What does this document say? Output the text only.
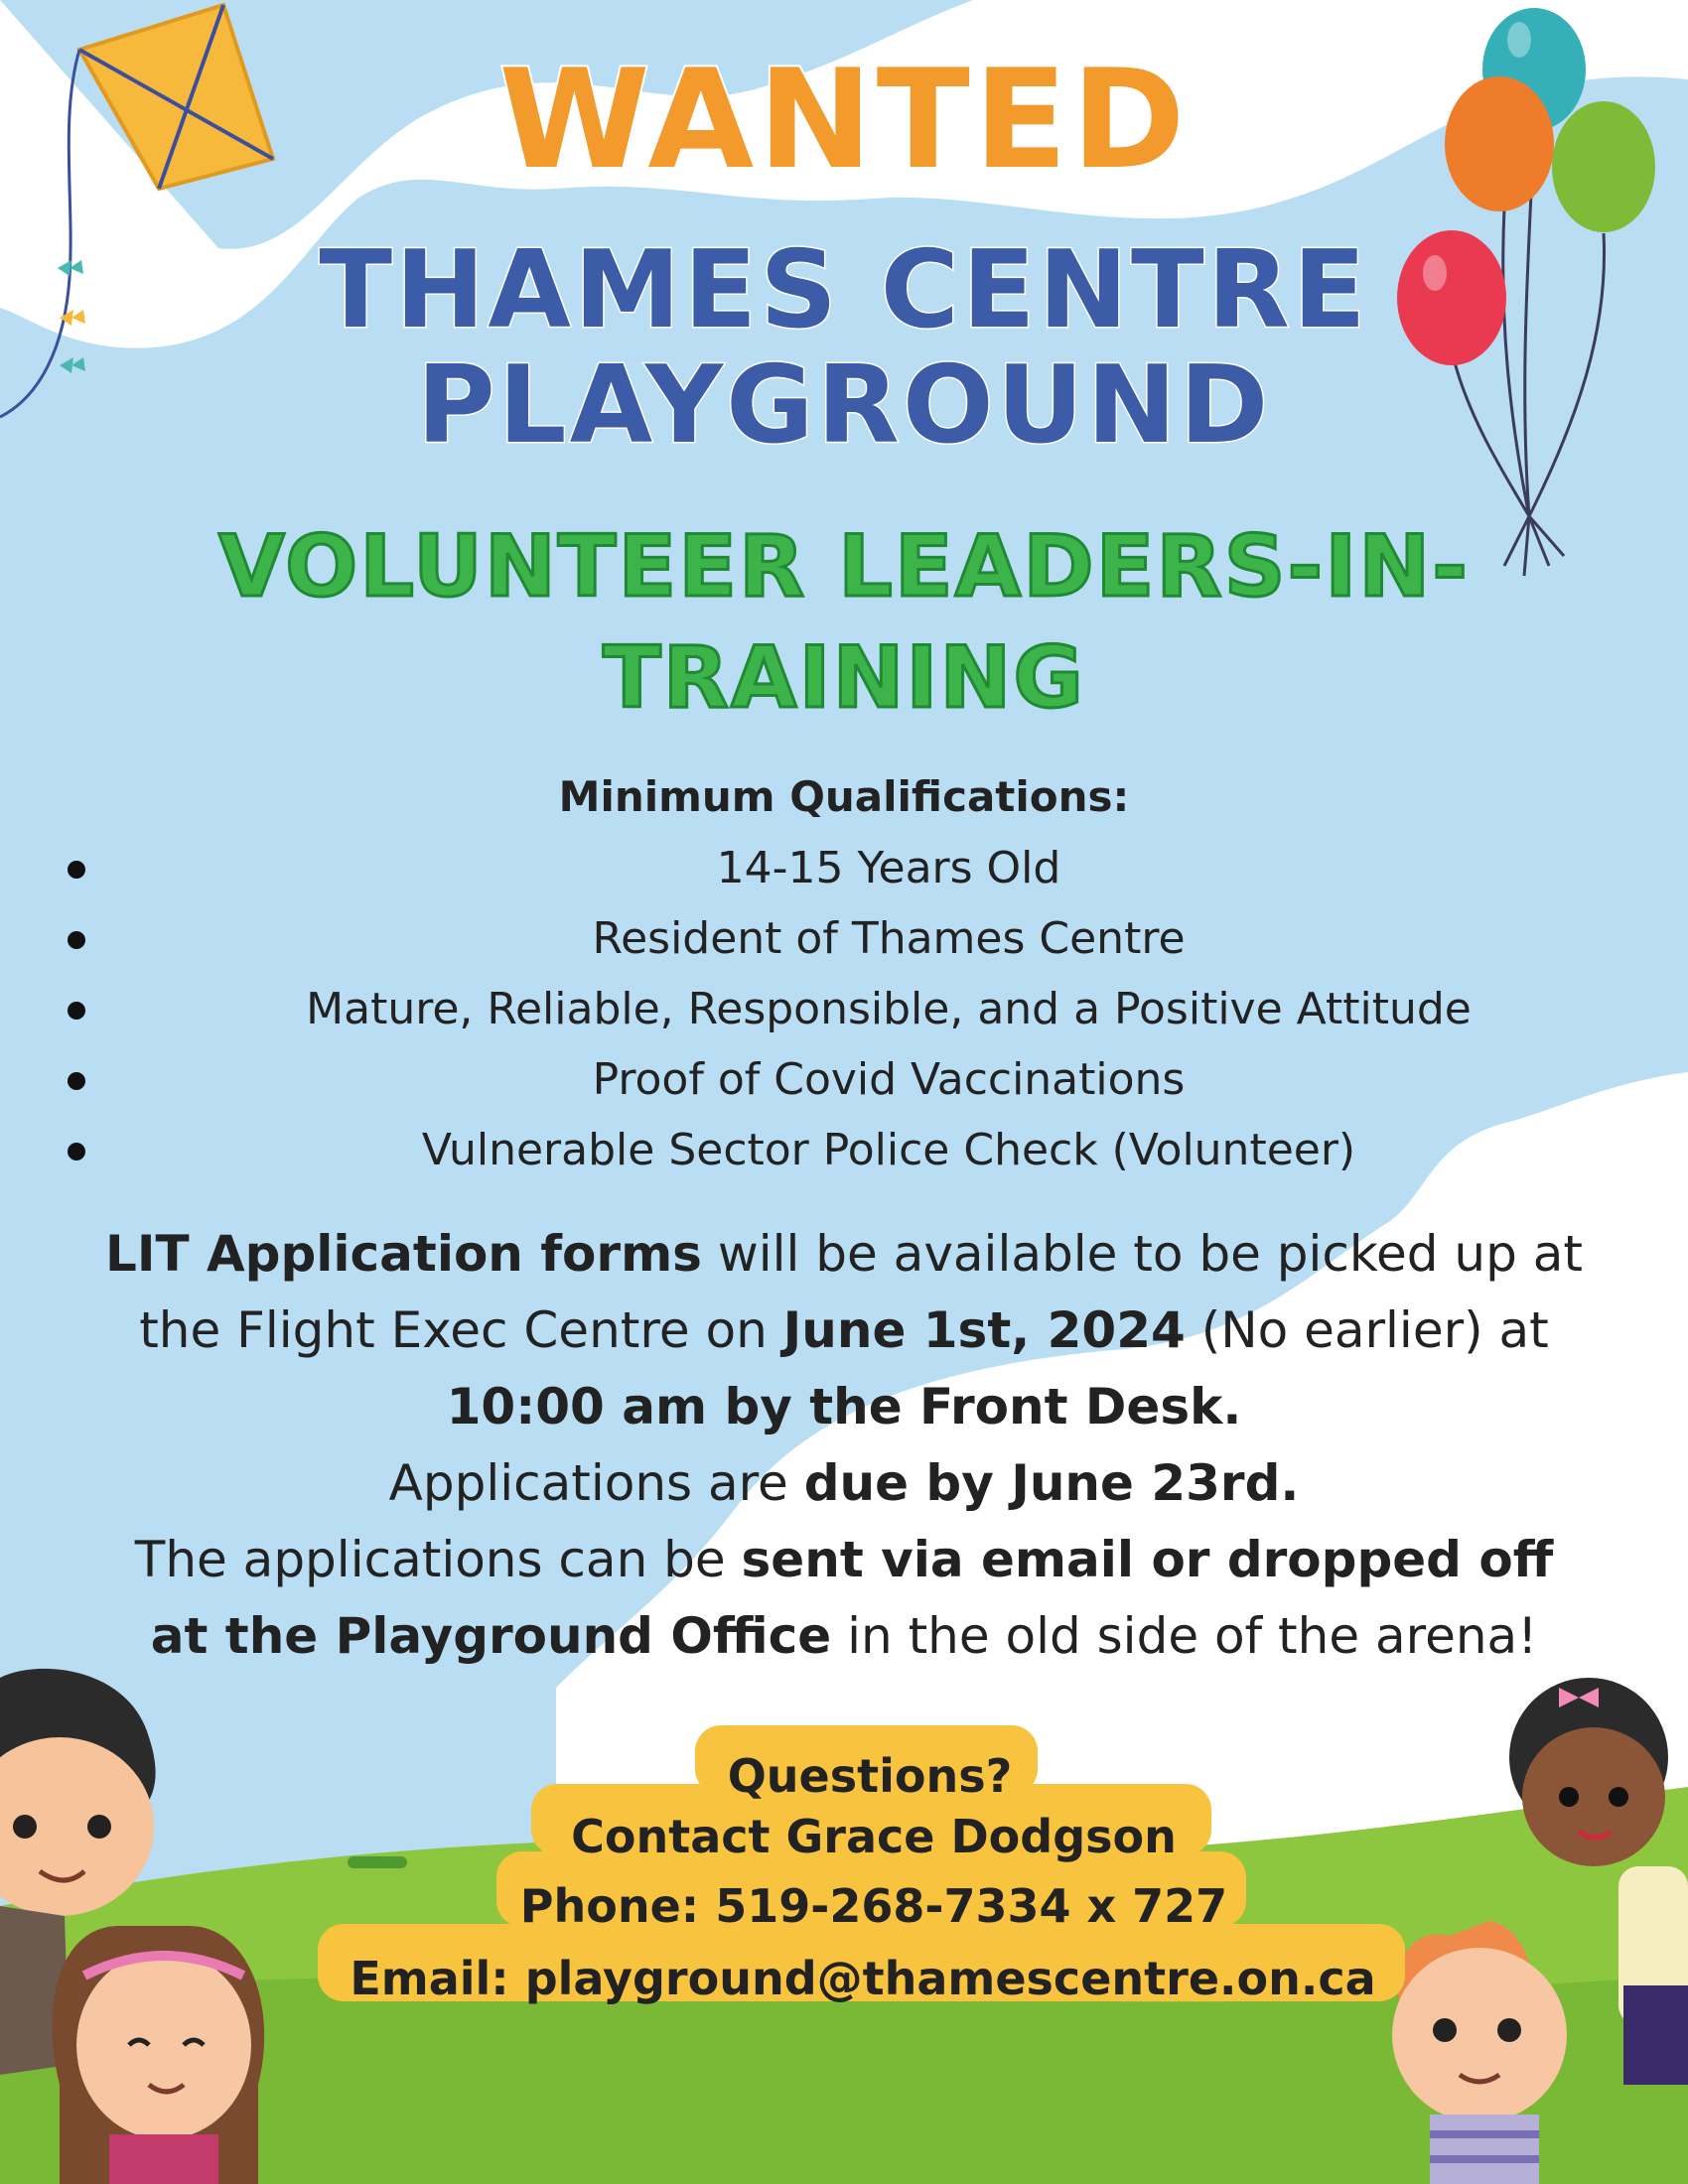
WANTED
THAMES CENTRE
PLAYGROUND
VOLUNTEER LEADERS-IN-
TRAINING
Minimum Qualifications:
14-15 Years Old
Resident of Thames Centre
Mature, Reliable, Responsible, and a Positive Attitude
Proof of Covid Vaccinations
Vulnerable Sector Police Check (Volunteer)

LIT Application forms will be available to be picked up at the Flight Exec Centre on June 1st, 2024 (No earlier) at 10:00 am by the Front Desk.
Applications are due by June 23rd.
The applications can be sent via email or dropped off at the Playground Office in the old side of the arena!

Questions?
Contact Grace Dodgson
Phone: 519-268-7334 x 727
Email: playground@thamescentre.on.ca
